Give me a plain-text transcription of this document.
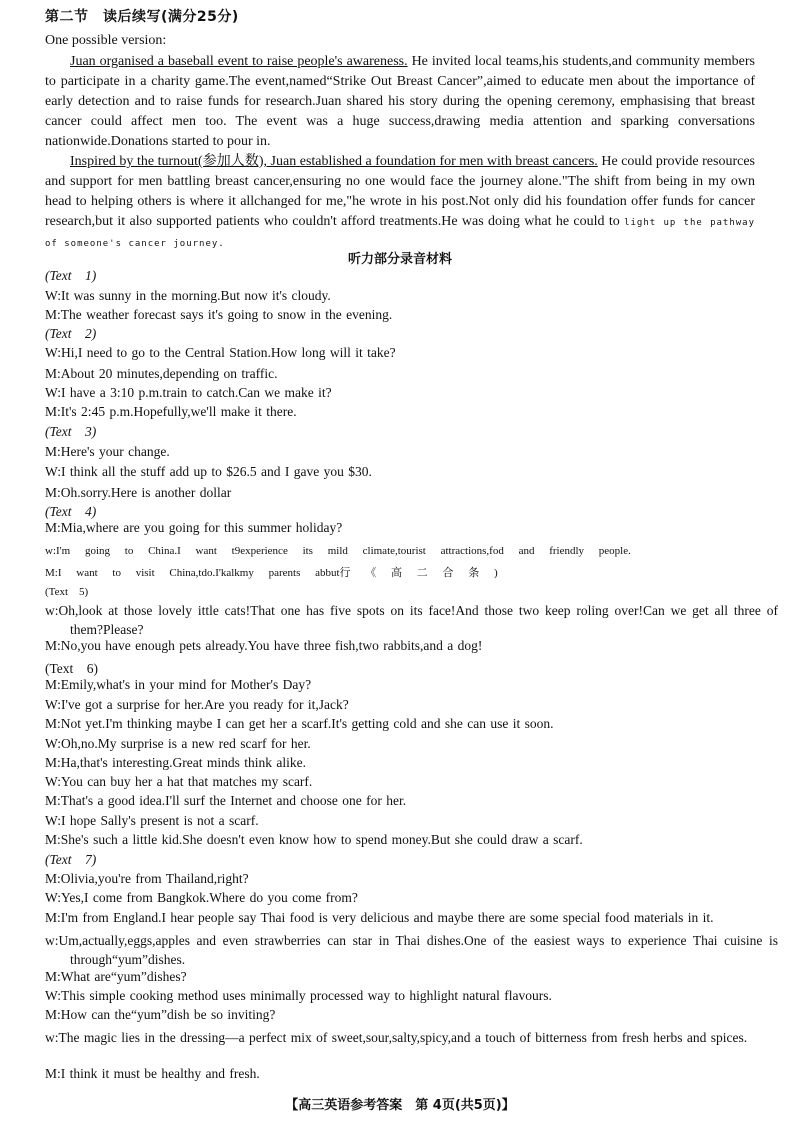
第二节　读后续写(满分25分)
One possible version:
Juan organised a baseball event to raise people's awareness. He invited local teams,his students,and community members to participate in a charity game.The event,named“Strike Out Breast Cancer”,aimed to educate men about the importance of early detection and to raise funds for research.Juan shared his story during the opening ceremony, emphasising that breast cancer could affect men too. The event was a huge success,drawing media attention and sparking conversations nationwide.Donations started to pour in.
Inspired by the turnout(参加人数), Juan established a foundation for men with breast cancers. He could provide resources and support for men battling breast cancer,ensuring no one would face the journey alone."The shift from being in my own head to helping others is where it allchanged for me,"he wrote in his post.Not only did his foundation offer funds for cancer research,but it also supported patients who couldn't afford treatments.He was doing what he could to light up the pathway of someone's cancer journey.
听力部分录音材料
(Text　1)
W:It was sunny in the morning.But now it's cloudy.
M:The weather forecast says it's going to snow in the evening.
(Text　2)
W:Hi,I need to go to the Central Station.How long will it take?
M:About 20 minutes,depending on traffic.
W:I have a 3:10 p.m.train to catch.Can we make it?
M:It's 2:45 p.m.Hopefully,we'll make it there.
(Text　3)
M:Here's your change.
W:I think all the stuff add up to $26.5 and I gave you $30.
M:Oh.sorry.Here is another dollar
(Text　4)
M:Mia,where are you going for this summer holiday?
w:I'm going to China.I want t9experience its mild climate,tourist attractions,fod and friendly people.
M:I want to visit China,tdo.I'kalkmy parents abbut行 《 高 二 合 条 )
(Text　5)
w:Oh,look at those lovely ittle cats!That one has five spots on its face!And those two keep roling over!Can we get all three of them?Please?
M:No,you have enough pets already.You have three fish,two rabbits,and a dog!
(Text　6)
M:Emily,what's in your mind for Mother's Day?
W:I've got a surprise for her.Are you ready for it,Jack?
M:Not yet.I'm thinking maybe I can get her a scarf.It's getting cold and she can use it soon.
W:Oh,no.My surprise is a new red scarf for her.
M:Ha,that's interesting.Great minds think alike.
W:You can buy her a hat that matches my scarf.
M:That's a good idea.I'll surf the Internet and choose one for her.
W:I hope Sally's present is not a scarf.
M:She's such a little kid.She doesn't even know how to spend money.But she could draw a scarf.
(Text　7)
M:Olivia,you're from Thailand,right?
W:Yes,I come from Bangkok.Where do you come from?
M:I'm from England.I hear people say Thai food is very delicious and maybe there are some special food materials in it.
w:Um,actually,eggs,apples and even strawberries can star in Thai dishes.One of the easiest ways to experience Thai cuisine is through“yum”dishes.
M:What are“yum”dishes?
W:This simple cooking method uses minimally processed way to highlight natural flavours.
M:How can the“yum”dish be so inviting?
w:The magic lies in the dressing—a perfect mix of sweet,sour,salty,spicy,and a touch of bitterness from fresh herbs and spices.
M:I think it must be healthy and fresh.
【高三英语参考答案　第 4页(共5页)】
